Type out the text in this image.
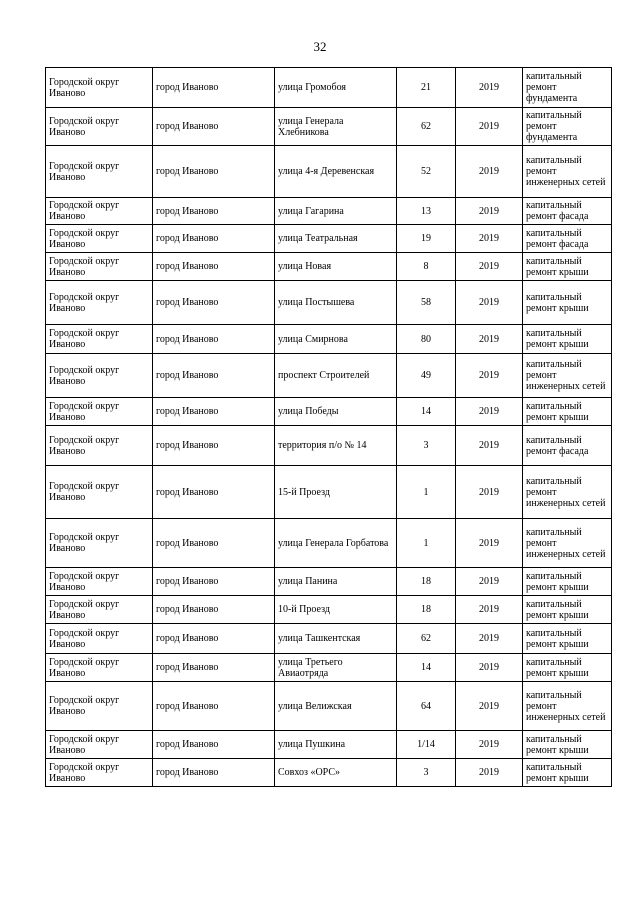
32
Городской округ Иваново	город Иваново	улица Громобоя	21	2019	капитальный ремонт фундамента
Городской округ Иваново	город Иваново	улица Генерала Хлебникова	62	2019	капитальный ремонт фундамента
Городской округ Иваново	город Иваново	улица 4-я Деревенская	52	2019	капитальный ремонт инженерных сетей
Городской округ Иваново	город Иваново	улица Гагарина	13	2019	капитальный ремонт фасада
Городской округ Иваново	город Иваново	улица Театральная	19	2019	капитальный ремонт фасада
Городской округ Иваново	город Иваново	улица Новая	8	2019	капитальный ремонт крыши
Городской округ Иваново	город Иваново	улица Постышева	58	2019	капитальный ремонт крыши
Городской округ Иваново	город Иваново	улица Смирнова	80	2019	капитальный ремонт крыши
Городской округ Иваново	город Иваново	проспект Строителей	49	2019	капитальный ремонт инженерных сетей
Городской округ Иваново	город Иваново	улица Победы	14	2019	капитальный ремонт крыши
Городской округ Иваново	город Иваново	территория п/о № 14	3	2019	капитальный ремонт фасада
Городской округ Иваново	город Иваново	15-й Проезд	1	2019	капитальный ремонт инженерных сетей
Городской округ Иваново	город Иваново	улица Генерала Горбатова	1	2019	капитальный ремонт инженерных сетей
Городской округ Иваново	город Иваново	улица Панина	18	2019	капитальный ремонт крыши
Городской округ Иваново	город Иваново	10-й Проезд	18	2019	капитальный ремонт крыши
Городской округ Иваново	город Иваново	улица Ташкентская	62	2019	капитальный ремонт крыши
Городской округ Иваново	город Иваново	улица Третьего Авиаотряда	14	2019	капитальный ремонт крыши
Городской округ Иваново	город Иваново	улица Велижская	64	2019	капитальный ремонт инженерных сетей
Городской округ Иваново	город Иваново	улица Пушкина	1/14	2019	капитальный ремонт крыши
Городской округ Иваново	город Иваново	Совхоз «ОРС»	3	2019	капитальный ремонт крыши
